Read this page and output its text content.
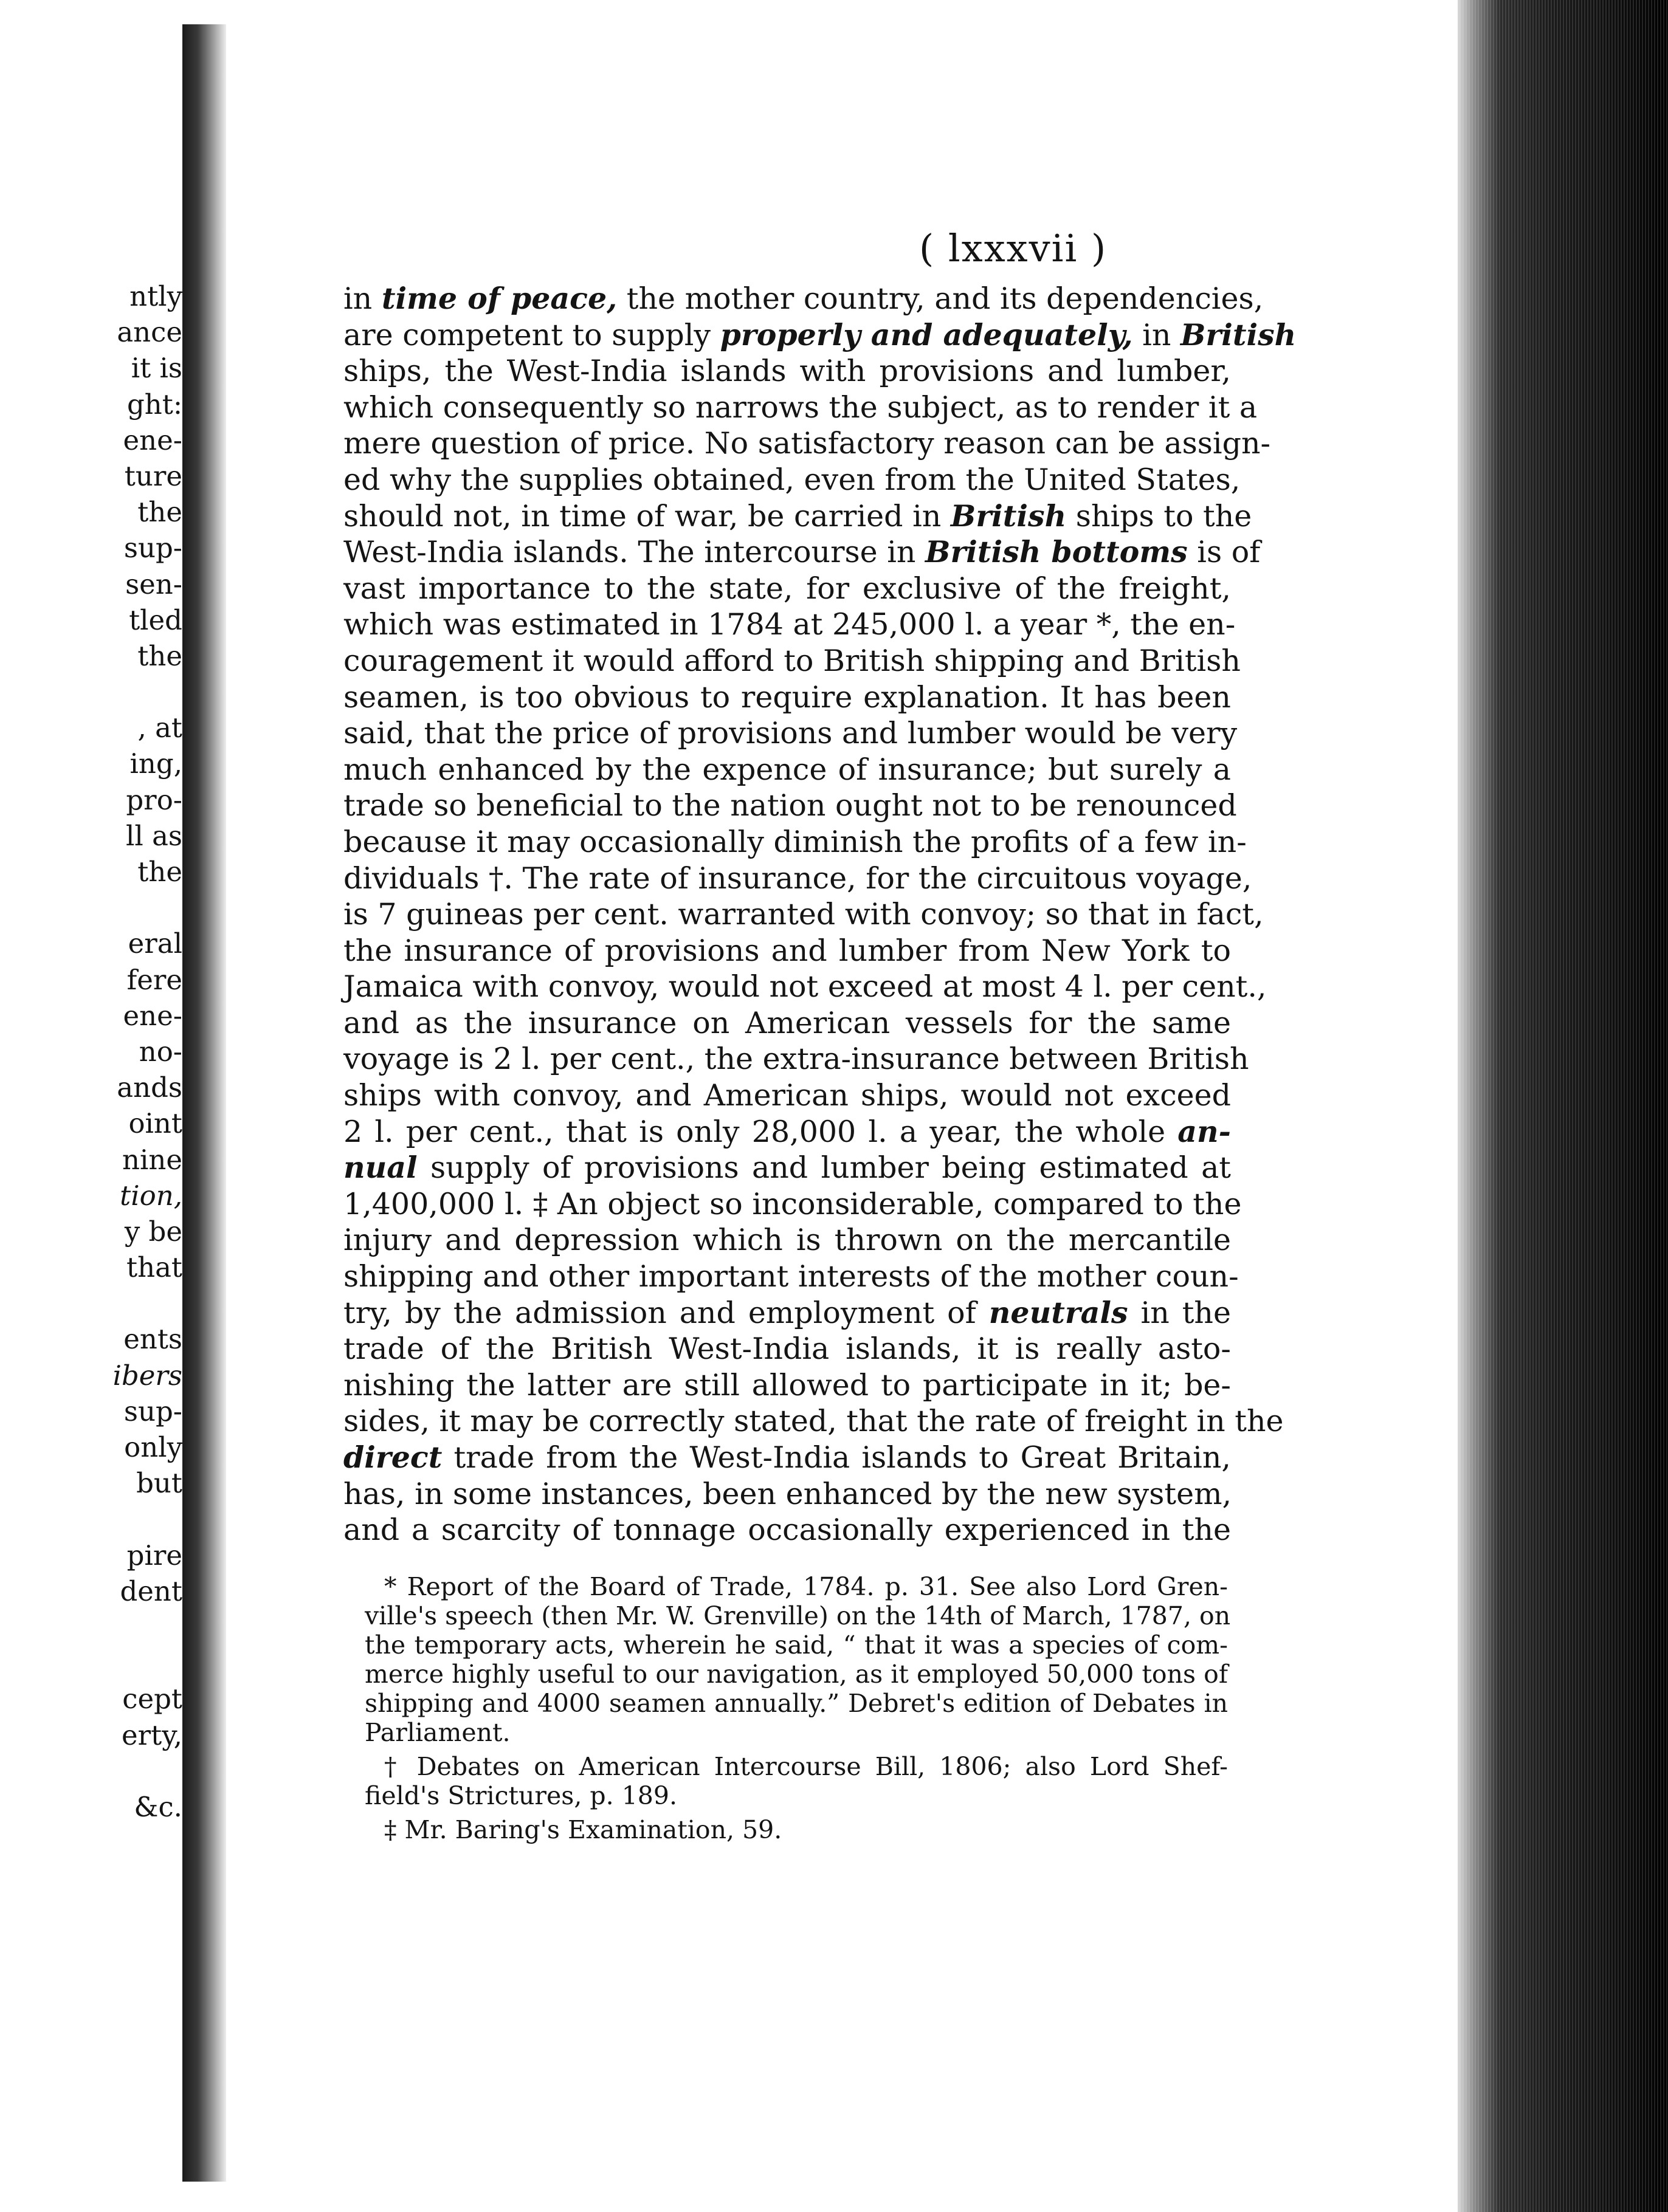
ntly
ance
it is
ght:
ene-
ture
the
sup-
sen-
tled
the
, at
ing,
pro-
ll as
the
eral
fere
ene-
no-
ands
oint
nine
tion,
y be
that
ents
ibers
sup-
only
but
pire
dent
cept
erty,
&c.
( lxxxvii )
in time of peace, the mother country, and its dependencies,
are competent to supply properly and adequately, in British
ships, the West-India islands with provisions and lumber,
which consequently so narrows the subject, as to render it a
mere question of price. No satisfactory reason can be assign-
ed why the supplies obtained, even from the United States,
should not, in time of war, be carried in British ships to the
West-India islands. The intercourse in British bottoms is of
vast importance to the state, for exclusive of the freight,
which was estimated in 1784 at 245,000 l. a year *, the en-
couragement it would afford to British shipping and British
seamen, is too obvious to require explanation. It has been
said, that the price of provisions and lumber would be very
much enhanced by the expence of insurance; but surely a
trade so beneficial to the nation ought not to be renounced
because it may occasionally diminish the profits of a few in-
dividuals †. The rate of insurance, for the circuitous voyage,
is 7 guineas per cent. warranted with convoy; so that in fact,
the insurance of provisions and lumber from New York to
Jamaica with convoy, would not exceed at most 4 l. per cent.,
and as the insurance on American vessels for the same
voyage is 2 l. per cent., the extra-insurance between British
ships with convoy, and American ships, would not exceed
2 l. per cent., that is only 28,000 l. a year, the whole an-
nual supply of provisions and lumber being estimated at
1,400,000 l. ‡ An object so inconsiderable, compared to the
injury and depression which is thrown on the mercantile
shipping and other important interests of the mother coun-
try, by the admission and employment of neutrals in the
trade of the British West-India islands, it is really asto-
nishing the latter are still allowed to participate in it; be-
sides, it may be correctly stated, that the rate of freight in the
direct trade from the West-India islands to Great Britain,
has, in some instances, been enhanced by the new system,
and a scarcity of tonnage occasionally experienced in the
* Report of the Board of Trade, 1784. p. 31. See also Lord Gren-
ville's speech (then Mr. W. Grenville) on the 14th of March, 1787, on
the temporary acts, wherein he said, “ that it was a species of com-
merce highly useful to our navigation, as it employed 50,000 tons of
shipping and 4000 seamen annually.” Debret's edition of Debates in
Parliament.
† Debates on American Intercourse Bill, 1806; also Lord Shef-
field's Strictures, p. 189.
‡ Mr. Baring's Examination, 59.
